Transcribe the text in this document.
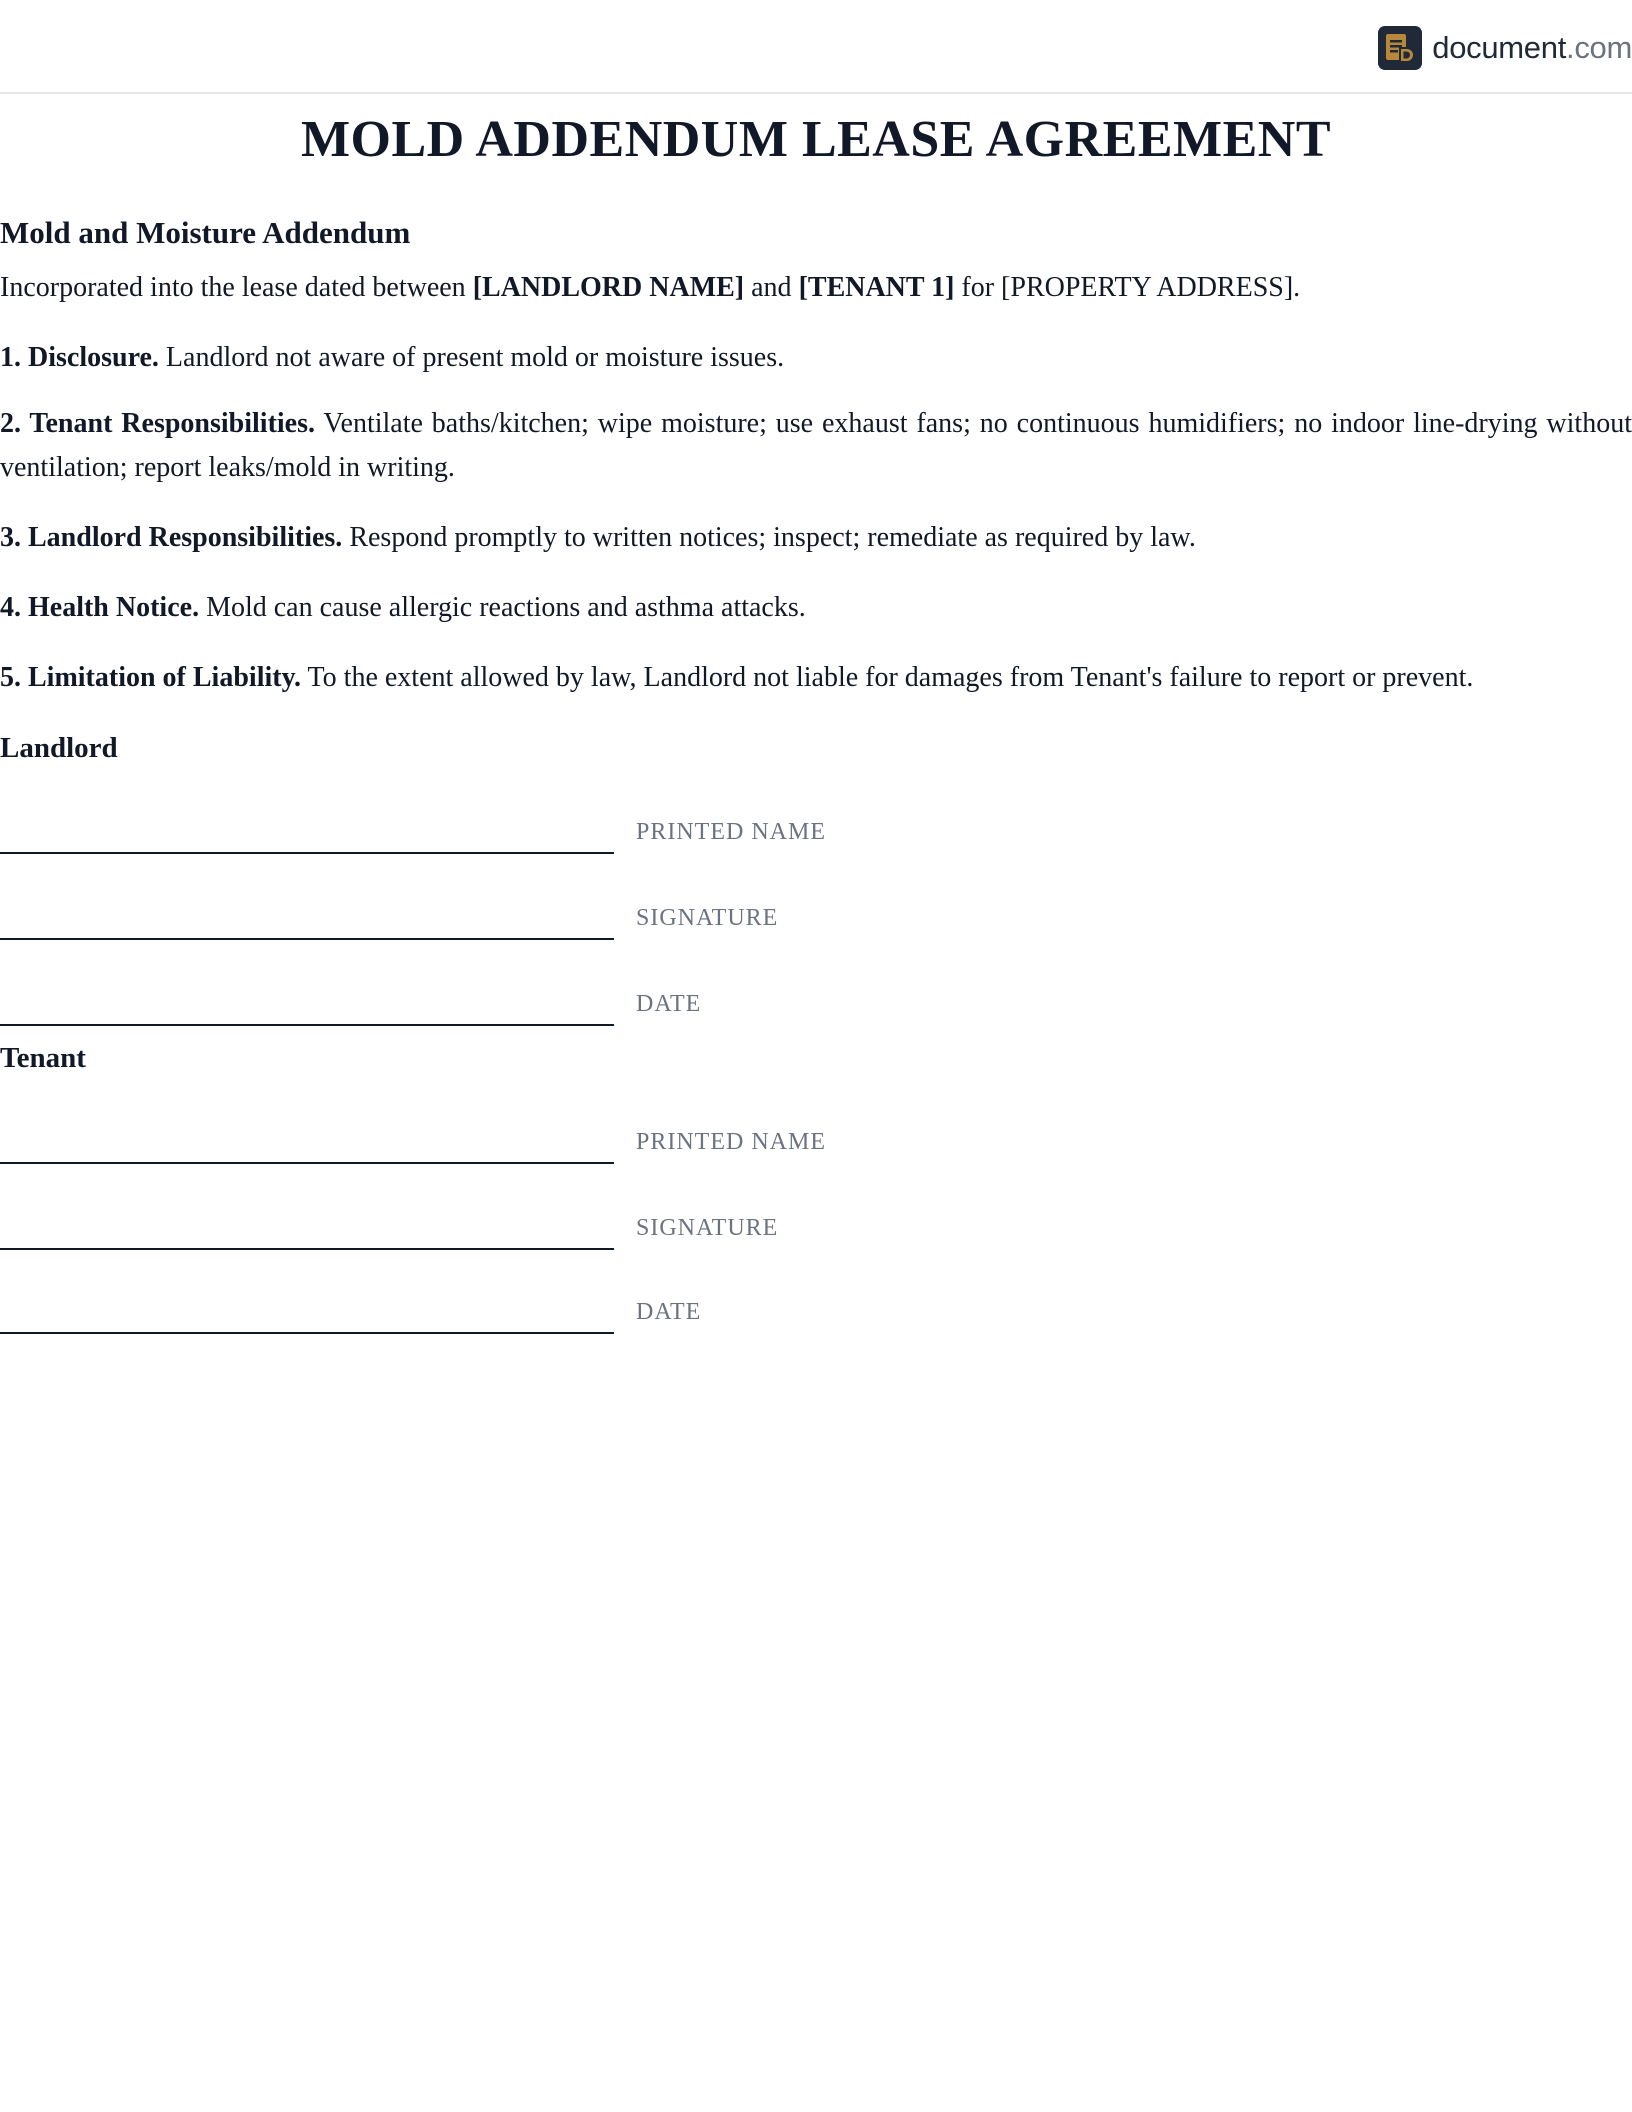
document.com
MOLD ADDENDUM LEASE AGREEMENT
Mold and Moisture Addendum

Incorporated into the lease dated between [LANDLORD NAME] and [TENANT 1] for [PROPERTY ADDRESS].

1. Disclosure. Landlord not aware of present mold or moisture issues.

2. Tenant Responsibilities. Ventilate baths/kitchen; wipe moisture; use exhaust fans; no continuous humidifiers; no indoor line-drying without ventilation; report leaks/mold in writing.

3. Landlord Responsibilities. Respond promptly to written notices; inspect; remediate as required by law.

4. Health Notice. Mold can cause allergic reactions and asthma attacks.

5. Limitation of Liability. To the extent allowed by law, Landlord not liable for damages from Tenant's failure to report or prevent.

Landlord
PRINTED NAME
SIGNATURE
DATE
Tenant
PRINTED NAME
SIGNATURE
DATE
